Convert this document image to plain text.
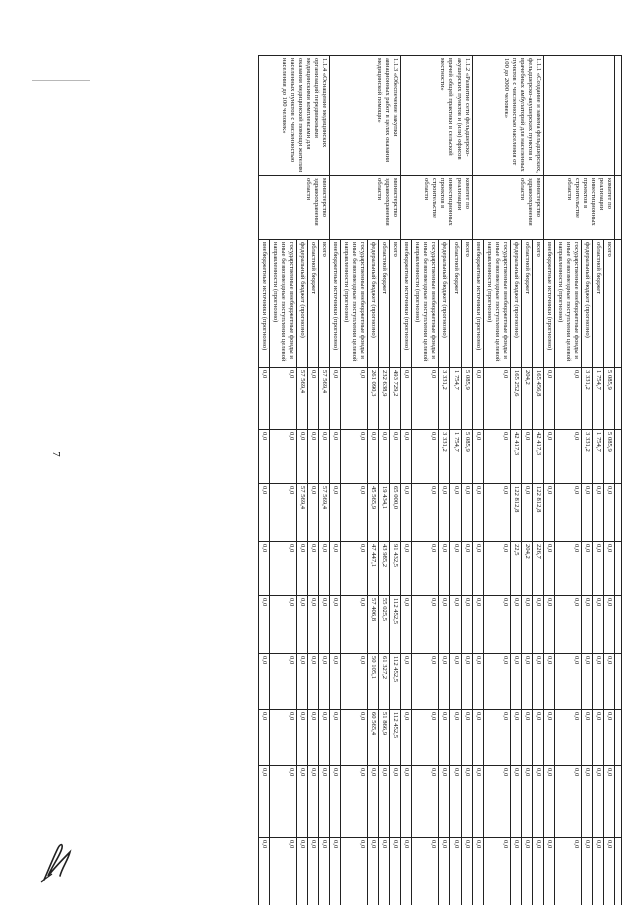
7

	комитет по реализации инвестиционных проектов в строительстве области	всего	5 085,9	5 085,9	0,0	0,0	0,0	0,0	0,0	0,0	0,0
		областной бюджет	1 754,7	1 754,7	0,0	0,0	0,0	0,0	0,0	0,0	0,0
		федеральный бюджет (прогнозно)	3 331,2	3 331,2	0,0	0,0	0,0	0,0	0,0	0,0	0,0
		государственные внебюджетные фонды и иные безвозмездные поступления целевой направленности (прогнозно)	0,0	0,0	0,0	0,0	0,0	0,0	0,0	0,0	0,0
		внебюджетные источники (прогнозно)	0,0	0,0	0,0	0,0	0,0	0,0	0,0	0,0	0,0
1.1.1 «Создание и замена фельдшерских, фельдшерско-акушерских пунктов и врачебных амбулаторий для населенных пунктов с численностью населения от 100 до 2000 человек»	министерство здравоохранения области	всего	165 456,8	42 417,3	122 812,8	226,7	0,0	0,0	0,0	0,0	0,0
		областной бюджет	204,2	0,0	0,0	204,2	0,0	0,0	0,0	0,0	0,0
		федеральный бюджет (прогнозно)	165 252,6	42 417,3	122 812,8	22,5	0,0	0,0	0,0	0,0	0,0
		государственные внебюджетные фонды и иные безвозмездные поступления целевой направленности (прогнозно)	0,0	0,0	0,0	0,0	0,0	0,0	0,0	0,0	0,0
		внебюджетные источники (прогнозно)	0,0	0,0	0,0	0,0	0,0	0,0	0,0	0,0	0,0
1.1.2 «Развитие сети фельдшерско-акушерских пунктов и (или) офисов врачей общей практики в сельской местности»	комитет по реализации инвестиционных проектов в строительстве области	всего	5 085,9	5 085,9	0,0	0,0	0,0	0,0	0,0	0,0	0,0
		областной бюджет	1 754,7	1 754,7	0,0	0,0	0,0	0,0	0,0	0,0	0,0
		федеральный бюджет (прогнозно)	3 331,2	3 331,2	0,0	0,0	0,0	0,0	0,0	0,0	0,0
		государственные внебюджетные фонды и иные безвозмездные поступления целевой направленности (прогнозно)	0,0	0,0	0,0	0,0	0,0	0,0	0,0	0,0	0,0
		внебюджетные источники (прогнозно)	0,0	0,0	0,0	0,0	0,0	0,0	0,0	0,0	0,0
1.1.3 «Обеспечение закупки авиационных работ в целях оказания медицинской помощи»	министерство здравоохранения области	всего	493 729,2	0,0	65 000,0	91 432,5	112 452,5	112 452,5	112 452,5	0,0	0,0
		областной бюджет	232 638,9	0,0	19 434,1	43 985,2	55 025,5	61 327,2	51 866,9	0,0	0,0
		федеральный бюджет (прогнозно)	261 090,3	0,0	45 565,9	47 447,1	57 406,8	50 105,1	60 565,4	0,0	0,0
		государственные внебюджетные фонды и иные безвозмездные поступления целевой направленности (прогнозно)	0,0	0,0	0,0	0,0	0,0	0,0	0,0	0,0	0,0
		внебюджетные источники (прогнозно)	0,0	0,0	0,0	0,0	0,0	0,0	0,0	0,0	0,0
1.1.4 «Оснащение медицинских организаций передвижными медицинскими комплексами для оказания медицинской помощи жителям населенных пунктов с численностью населения до 100 человек»	министерство здравоохранения области	всего	57 569,4	0,0	57 569,4	0,0	0,0	0,0	0,0	0,0	0,0
		областной бюджет	0,0	0,0	0,0	0,0	0,0	0,0	0,0	0,0	0,0
		федеральный бюджет (прогнозно)	57 569,4	0,0	57 569,4	0,0	0,0	0,0	0,0	0,0	0,0
		государственные внебюджетные фонды и иные безвозмездные поступления целевой направленности (прогнозно)	0,0	0,0	0,0	0,0	0,0	0,0	0,0	0,0	0,0
		внебюджетные источники (прогнозно)	0,0	0,0	0,0	0,0	0,0	0,0	0,0	0,0	0,0
